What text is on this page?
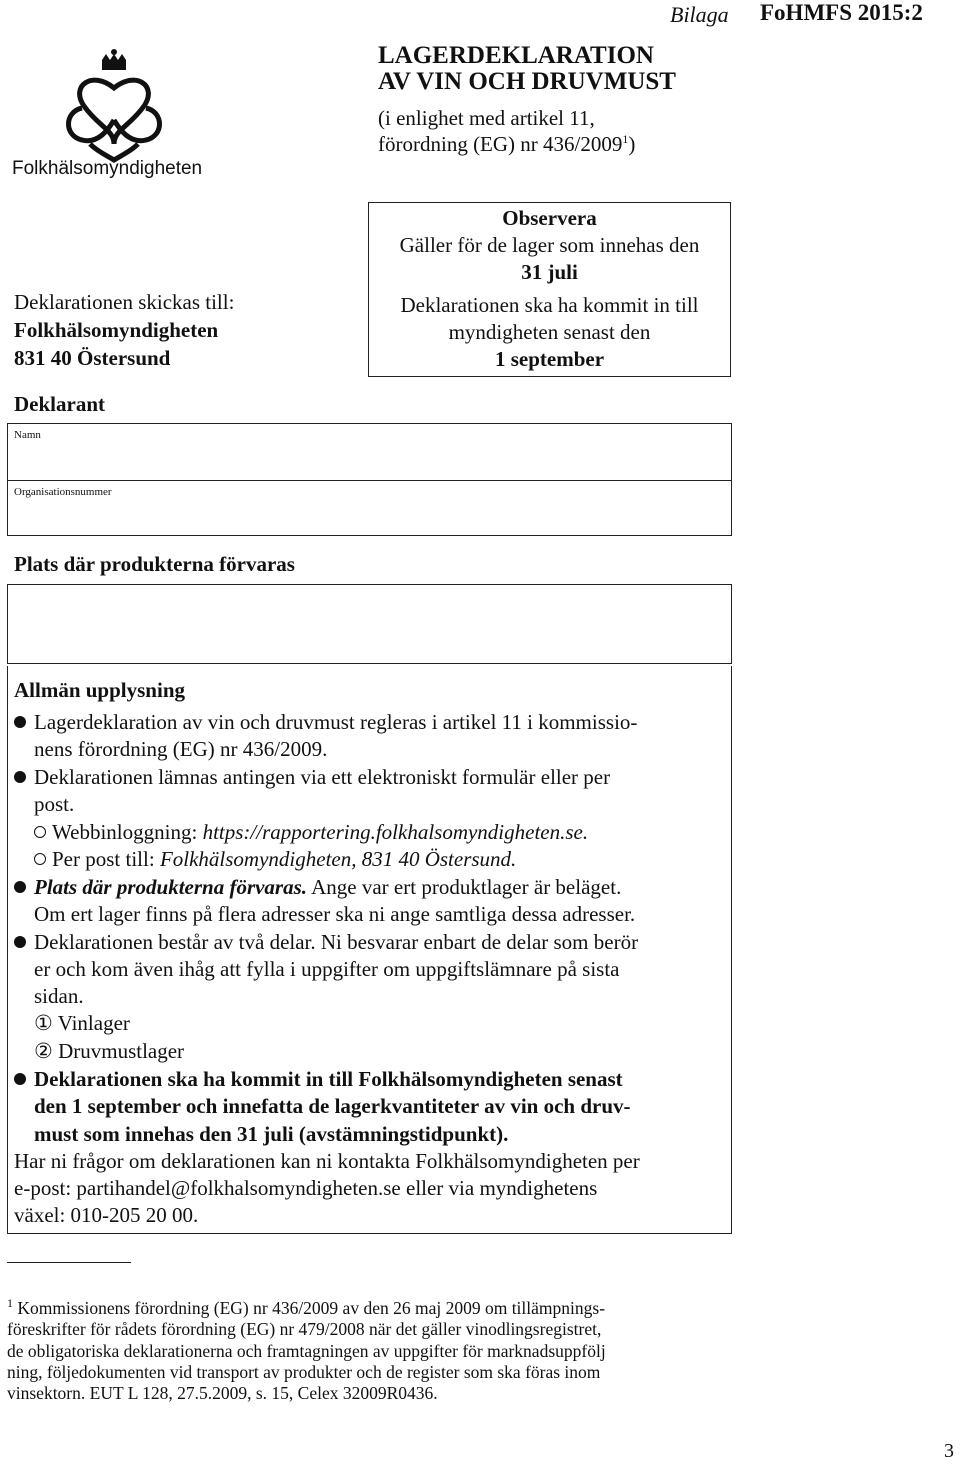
Bilaga FoHMFS 2015:2
Folkhälsomyndigheten
LAGERDEKLARATION
AV VIN OCH DRUVMUST
(i enlighet med artikel 11,
förordning (EG) nr 436/2009$^1$)
Deklarationen skickas till:
Folkhälsomyndigheten
831 40 Östersund
Observera
Gäller för de lager som innehas den
31 juli
Deklarationen ska ha kommit in till
myndigheten senast den
1 september
Deklarant
Namn
Organisationsnummer
Plats där produkterna förvaras
Allmän upplysning
Lagerdeklaration av vin och druvmust regleras i artikel 11 i kommissio-
nens förordning (EG) nr 436/2009.
Deklarationen lämnas antingen via ett elektroniskt formulär eller per
post.
Webbinloggning: https://rapportering.folkhalsomyndigheten.se.
Per post till: Folkhälsomyndigheten, 831 40 Östersund.
Plats där produkterna förvaras. Ange var ert produktlager är beläget.
Om ert lager finns på flera adresser ska ni ange samtliga dessa adresser.
Deklarationen består av två delar. Ni besvarar enbart de delar som berör
er och kom även ihåg att fylla i uppgifter om uppgiftslämnare på sista
sidan.
① Vinlager
② Druvmustlager
Deklarationen ska ha kommit in till Folkhälsomyndigheten senast
den 1 september och innefatta de lagerkvantiteter av vin och druv-
must som innehas den 31 juli (avstämningstidpunkt).
Har ni frågor om deklarationen kan ni kontakta Folkhälsomyndigheten per
e-post: partihandel@folkhalsomyndigheten.se eller via myndighetens
växel: 010-205 20 00.
$^1$ Kommissionens förordning (EG) nr 436/2009 av den 26 maj 2009 om tillämpnings-
föreskrifter för rådets förordning (EG) nr 479/2008 när det gäller vinodlingsregistret,
de obligatoriska deklarationerna och framtagningen av uppgifter för marknadsuppfölj
ning, följedokumenten vid transport av produkter och de register som ska föras inom
vinsektorn. EUT L 128, 27.5.2009, s. 15, Celex 32009R0436.
3
